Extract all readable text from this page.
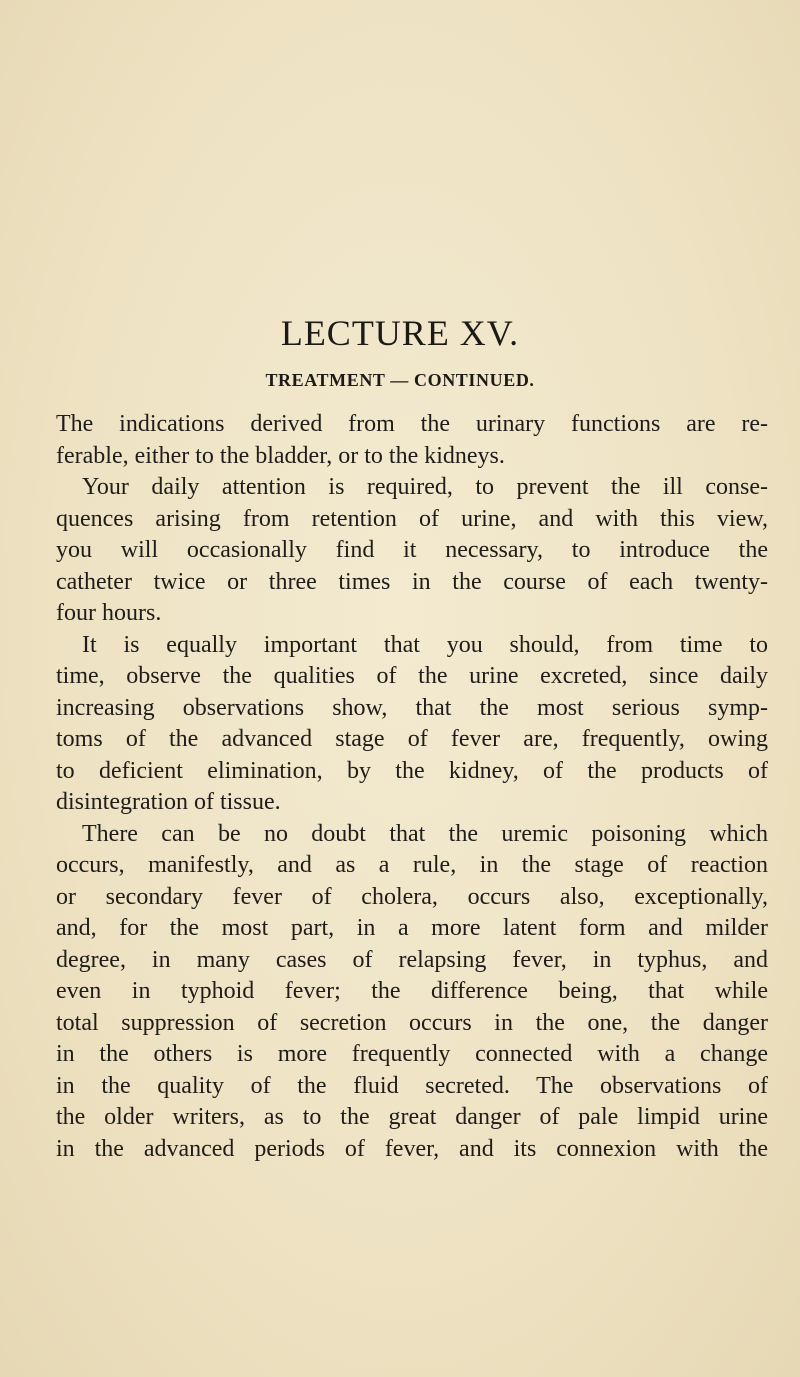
LECTURE XV.
TREATMENT — CONTINUED.
The indications derived from the urinary functions are re-
ferable, either to the bladder, or to the kidneys.
Your daily attention is required, to prevent the ill conse-
quences arising from retention of urine, and with this view,
you will occasionally find it necessary, to introduce the
catheter twice or three times in the course of each twenty-
four hours.
It is equally important that you should, from time to
time, observe the qualities of the urine excreted, since daily
increasing observations show, that the most serious symp-
toms of the advanced stage of fever are, frequently, owing
to deficient elimination, by the kidney, of the products of
disintegration of tissue.
There can be no doubt that the uremic poisoning which
occurs, manifestly, and as a rule, in the stage of reaction
or secondary fever of cholera, occurs also, exceptionally,
and, for the most part, in a more latent form and milder
degree, in many cases of relapsing fever, in typhus, and
even in typhoid fever; the difference being, that while
total suppression of secretion occurs in the one, the danger
in the others is more frequently connected with a change
in the quality of the fluid secreted. The observations of
the older writers, as to the great danger of pale limpid urine
in the advanced periods of fever, and its connexion with the
